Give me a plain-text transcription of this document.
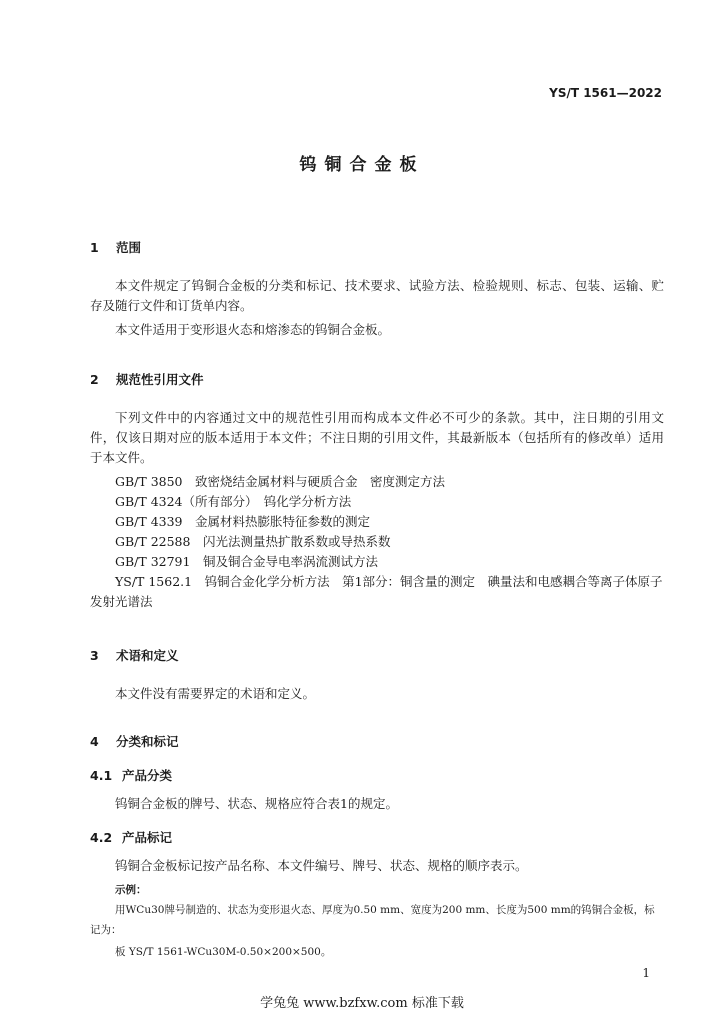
YS/T 1561—2022
钨铜合金板
1 范围
本文件规定了钨铜合金板的分类和标记、技术要求、试验方法、检验规则、标志、包装、运输、贮存及随行文件和订货单内容。
本文件适用于变形退火态和熔渗态的钨铜合金板。
2 规范性引用文件
下列文件中的内容通过文中的规范性引用而构成本文件必不可少的条款。其中，注日期的引用文件，仅该日期对应的版本适用于本文件；不注日期的引用文件，其最新版本（包括所有的修改单）适用于本文件。
GB/T 3850　致密烧结金属材料与硬质合金　密度测定方法
GB/T 4324（所有部分）　钨化学分析方法
GB/T 4339　金属材料热膨胀特征参数的测定
GB/T 22588　闪光法测量热扩散系数或导热系数
GB/T 32791　铜及铜合金导电率涡流测试方法
YS/T 1562.1　钨铜合金化学分析方法　第1部分：铜含量的测定　碘量法和电感耦合等离子体原子发射光谱法
3 术语和定义
本文件没有需要界定的术语和定义。
4 分类和标记
4.1 产品分类
钨铜合金板的牌号、状态、规格应符合表1的规定。
4.2 产品标记
钨铜合金板标记按产品名称、本文件编号、牌号、状态、规格的顺序表示。
示例：
用WCu30牌号制造的、状态为变形退火态、厚度为0.50 mm、宽度为200 mm、长度为500 mm的钨铜合金板，标记为：
板 YS/T 1561-WCu30M-0.50×200×500。
1
学兔兔 www.bzfxw.com 标准下载
